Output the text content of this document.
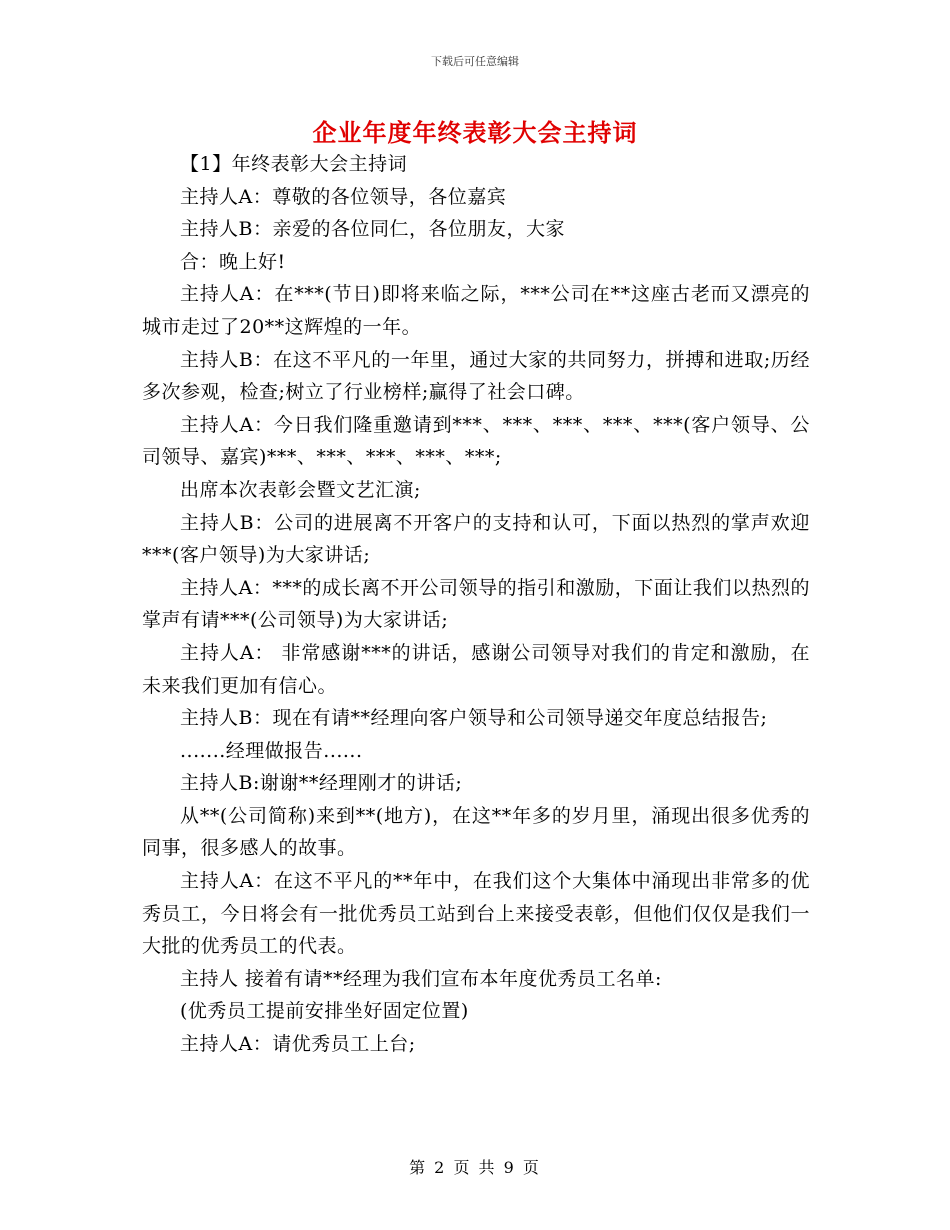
下载后可任意编辑
企业年度年终表彰大会主持词

【1】年终表彰大会主持词

主持人A：尊敬的各位领导，各位嘉宾

主持人B：亲爱的各位同仁，各位朋友，大家

合：晚上好!

主持人A：在***(节日)即将来临之际，***公司在**这座古老而又漂亮的城市走过了20**这辉煌的一年。

主持人B：在这不平凡的一年里，通过大家的共同努力，拼搏和进取;历经多次参观，检查;树立了行业榜样;赢得了社会口碑。

主持人A：今日我们隆重邀请到***、***、***、***、***(客户领导、公司领导、嘉宾)***、***、***、***、***;

出席本次表彰会暨文艺汇演;

主持人B：公司的进展离不开客户的支持和认可，下面以热烈的掌声欢迎***(客户领导)为大家讲话;

主持人A：***的成长离不开公司领导的指引和激励，下面让我们以热烈的掌声有请***(公司领导)为大家讲话;

主持人A： 非常感谢***的讲话，感谢公司领导对我们的肯定和激励，在未来我们更加有信心。

主持人B：现在有请**经理向客户领导和公司领导递交年度总结报告;

.......经理做报告......

主持人B:谢谢**经理刚才的讲话;

从**(公司简称)来到**(地方)，在这**年多的岁月里，涌现出很多优秀的同事，很多感人的故事。

主持人A：在这不平凡的**年中，在我们这个大集体中涌现出非常多的优秀员工，今日将会有一批优秀员工站到台上来接受表彰，但他们仅仅是我们一大批的优秀员工的代表。

主持人 接着有请**经理为我们宣布本年度优秀员工名单:

(优秀员工提前安排坐好固定位置)

主持人A：请优秀员工上台;

第 2 页 共 9 页
